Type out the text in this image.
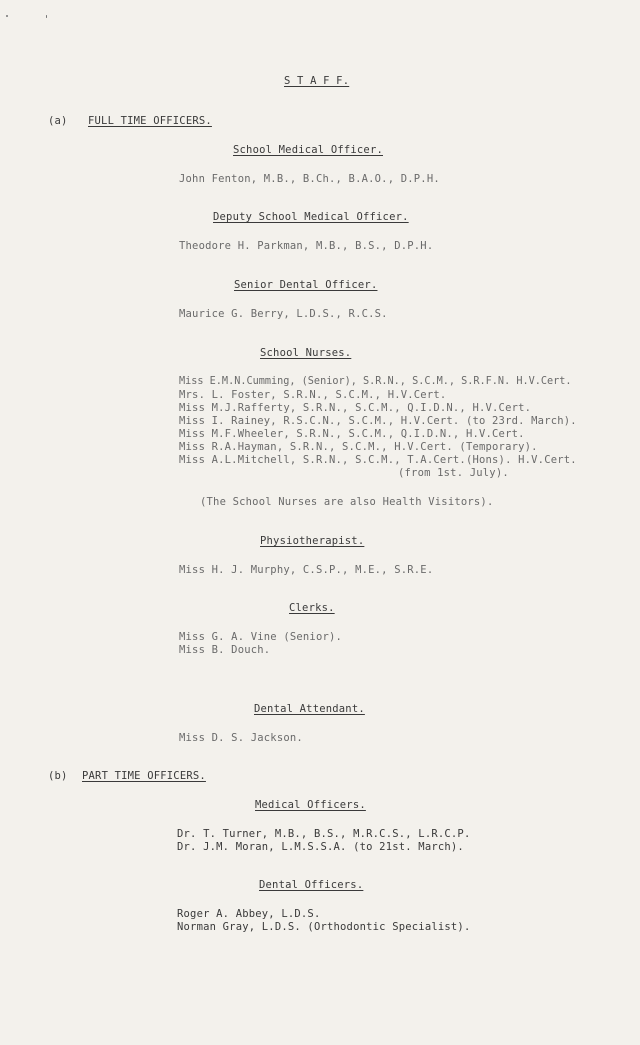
S T A F F.
(a) FULL TIME OFFICERS.
School Medical Officer.
John Fenton, M.B., B.Ch., B.A.O., D.P.H.
Deputy School Medical Officer.
Theodore H. Parkman, M.B., B.S., D.P.H.
Senior Dental Officer.
Maurice G. Berry, L.D.S., R.C.S.
School Nurses.
Miss E.M.N.Cumming, (Senior), S.R.N., S.C.M., S.R.F.N. H.V.Cert.
Mrs. L. Foster, S.R.N., S.C.M., H.V.Cert.
Miss M.J.Rafferty, S.R.N., S.C.M., Q.I.D.N., H.V.Cert.
Miss I. Rainey, R.S.C.N., S.C.M., H.V.Cert. (to 23rd. March).
Miss M.F.Wheeler, S.R.N., S.C.M., Q.I.D.N., H.V.Cert.
Miss R.A.Hayman, S.R.N., S.C.M., H.V.Cert. (Temporary).
Miss A.L.Mitchell, S.R.N., S.C.M., T.A.Cert.(Hons). H.V.Cert.
(from 1st. July).
(The School Nurses are also Health Visitors).
Physiotherapist.
Miss H. J. Murphy, C.S.P., M.E., S.R.E.
Clerks.
Miss G. A. Vine (Senior).
Miss B. Douch.
Dental Attendant.
Miss D. S. Jackson.
(b) PART TIME OFFICERS.
Medical Officers.
Dr. T. Turner, M.B., B.S., M.R.C.S., L.R.C.P.
Dr. J.M. Moran, L.M.S.S.A. (to 21st. March).
Dental Officers.
Roger A. Abbey, L.D.S.
Norman Gray, L.D.S. (Orthodontic Specialist).
